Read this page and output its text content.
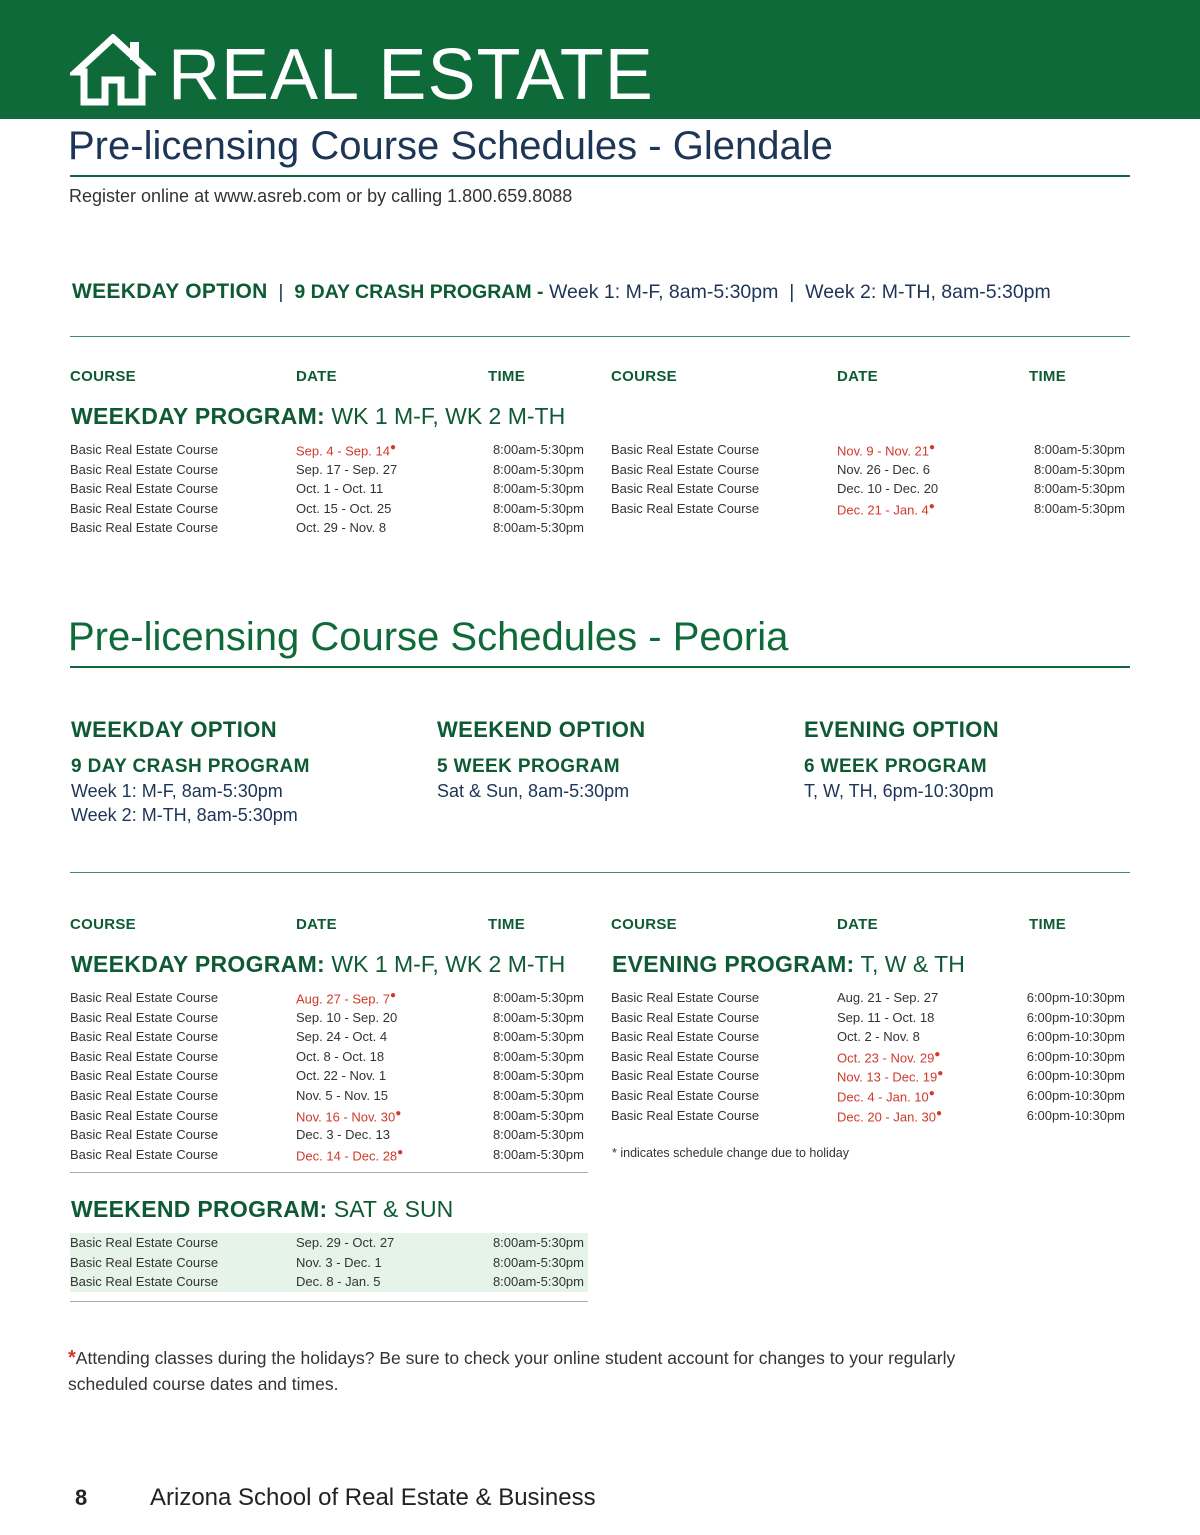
REAL ESTATE
Pre-licensing Course Schedules - Glendale
Register online at www.asreb.com or by calling 1.800.659.8088
WEEKDAY OPTION | 9 DAY CRASH PROGRAM - Week 1: M-F, 8am-5:30pm | Week 2: M-TH, 8am-5:30pm
COURSE	DATE	TIME	COURSE	DATE	TIME
WEEKDAY PROGRAM: WK 1 M-F, WK 2 M-TH
Basic Real Estate Course	Sep. 4 - Sep. 14●	8:00am-5:30pm
Basic Real Estate Course	Sep. 17 - Sep. 27	8:00am-5:30pm
Basic Real Estate Course	Oct. 1 - Oct. 11	8:00am-5:30pm
Basic Real Estate Course	Oct. 15 - Oct. 25	8:00am-5:30pm
Basic Real Estate Course	Oct. 29 - Nov. 8	8:00am-5:30pm
Basic Real Estate Course	Nov. 9 - Nov. 21●	8:00am-5:30pm
Basic Real Estate Course	Nov. 26 - Dec. 6	8:00am-5:30pm
Basic Real Estate Course	Dec. 10 - Dec. 20	8:00am-5:30pm
Basic Real Estate Course	Dec. 21 - Jan. 4●	8:00am-5:30pm
Pre-licensing Course Schedules - Peoria
WEEKDAY OPTION
9 DAY CRASH PROGRAM
Week 1: M-F, 8am-5:30pm
Week 2: M-TH, 8am-5:30pm
WEEKEND OPTION
5 WEEK PROGRAM
Sat & Sun, 8am-5:30pm
EVENING OPTION
6 WEEK PROGRAM
T, W, TH, 6pm-10:30pm
COURSE	DATE	TIME	COURSE	DATE	TIME
WEEKDAY PROGRAM: WK 1 M-F, WK 2 M-TH EVENING PROGRAM: T, W & TH
Basic Real Estate Course	Aug. 27 - Sep. 7●	8:00am-5:30pm
Basic Real Estate Course	Sep. 10 - Sep. 20	8:00am-5:30pm
Basic Real Estate Course	Sep. 24 - Oct. 4	8:00am-5:30pm
Basic Real Estate Course	Oct. 8 - Oct. 18	8:00am-5:30pm
Basic Real Estate Course	Oct. 22 - Nov. 1	8:00am-5:30pm
Basic Real Estate Course	Nov. 5 - Nov. 15	8:00am-5:30pm
Basic Real Estate Course	Nov. 16 - Nov. 30●	8:00am-5:30pm
Basic Real Estate Course	Dec. 3 - Dec. 13	8:00am-5:30pm
Basic Real Estate Course	Dec. 14 - Dec. 28●	8:00am-5:30pm
Basic Real Estate Course	Aug. 21 - Sep. 27	6:00pm-10:30pm
Basic Real Estate Course	Sep. 11 - Oct. 18	6:00pm-10:30pm
Basic Real Estate Course	Oct. 2 - Nov. 8	6:00pm-10:30pm
Basic Real Estate Course	Oct. 23 - Nov. 29●	6:00pm-10:30pm
Basic Real Estate Course	Nov. 13 - Dec. 19●	6:00pm-10:30pm
Basic Real Estate Course	Dec. 4 - Jan. 10●	6:00pm-10:30pm
Basic Real Estate Course	Dec. 20 - Jan. 30●	6:00pm-10:30pm
* indicates schedule change due to holiday
WEEKEND PROGRAM: SAT & SUN
Basic Real Estate Course	Sep. 29 - Oct. 27	8:00am-5:30pm
Basic Real Estate Course	Nov. 3 - Dec. 1	8:00am-5:30pm
Basic Real Estate Course	Dec. 8 - Jan. 5	8:00am-5:30pm
*Attending classes during the holidays? Be sure to check your online student account for changes to your regularly scheduled course dates and times.
8	Arizona School of Real Estate & Business
